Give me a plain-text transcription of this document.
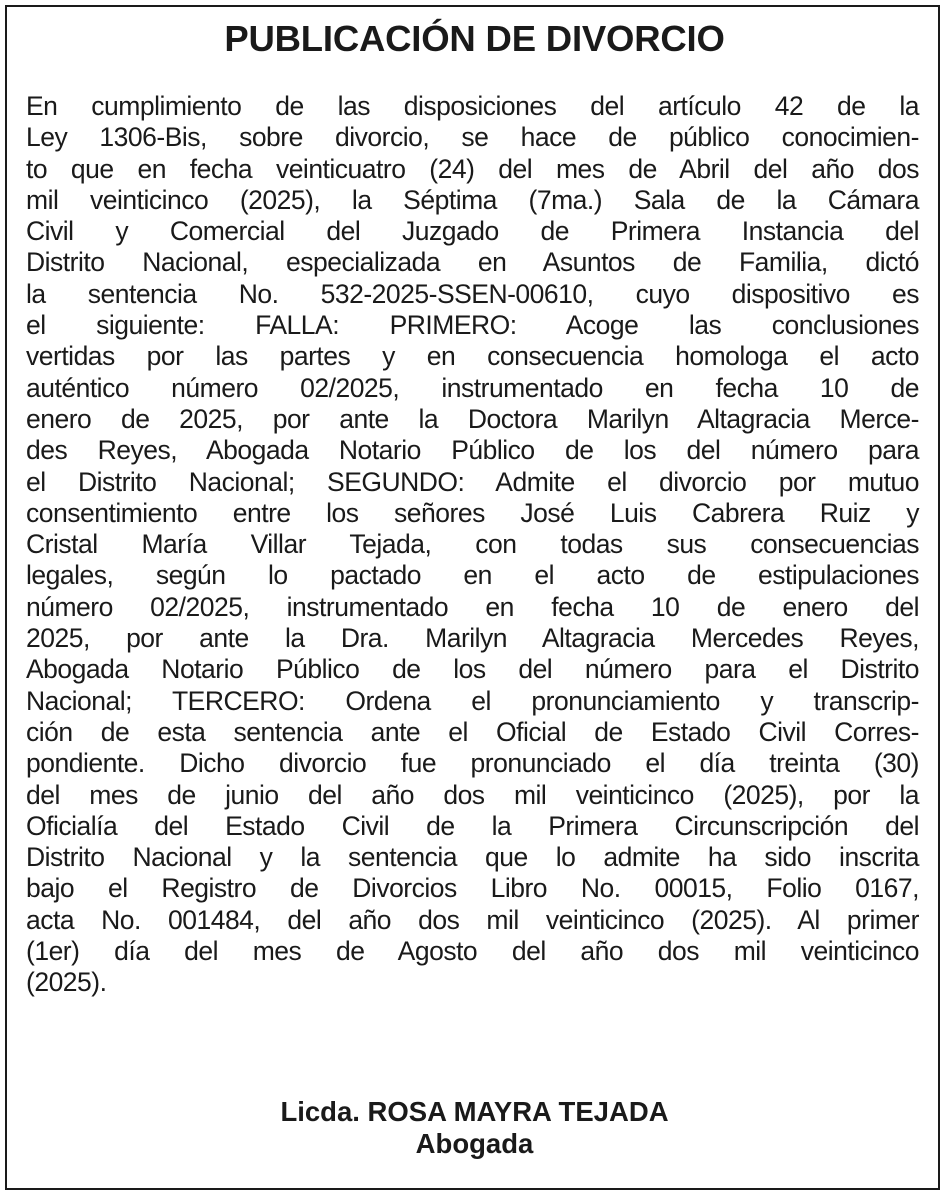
PUBLICACIÓN DE DIVORCIO
En cumplimiento de las disposiciones del artículo 42 de la
Ley 1306-Bis, sobre divorcio, se hace de público conocimien-
to que en fecha veinticuatro (24) del mes de Abril del año dos
mil veinticinco (2025), la Séptima (7ma.) Sala de la Cámara
Civil y Comercial del Juzgado de Primera Instancia del
Distrito Nacional, especializada en Asuntos de Familia, dictó
la sentencia No. 532-2025-SSEN-00610, cuyo dispositivo es
el siguiente: FALLA: PRIMERO: Acoge las conclusiones
vertidas por las partes y en consecuencia homologa el acto
auténtico número 02/2025, instrumentado en fecha 10 de
enero de 2025, por ante la Doctora Marilyn Altagracia Merce-
des Reyes, Abogada Notario Público de los del número para
el Distrito Nacional; SEGUNDO: Admite el divorcio por mutuo
consentimiento entre los señores José Luis Cabrera Ruiz y
Cristal María Villar Tejada, con todas sus consecuencias
legales, según lo pactado en el acto de estipulaciones
número 02/2025, instrumentado en fecha 10 de enero del
2025, por ante la Dra. Marilyn Altagracia Mercedes Reyes,
Abogada Notario Público de los del número para el Distrito
Nacional; TERCERO: Ordena el pronunciamiento y transcrip-
ción de esta sentencia ante el Oficial de Estado Civil Corres-
pondiente. Dicho divorcio fue pronunciado el día treinta (30)
del mes de junio del año dos mil veinticinco (2025), por la
Oficialía del Estado Civil de la Primera Circunscripción del
Distrito Nacional y la sentencia que lo admite ha sido inscrita
bajo el Registro de Divorcios Libro No. 00015, Folio 0167,
acta No. 001484, del año dos mil veinticinco (2025). Al primer
(1er) día del mes de Agosto del año dos mil veinticinco
(2025).
Licda. ROSA MAYRA TEJADA
Abogada
